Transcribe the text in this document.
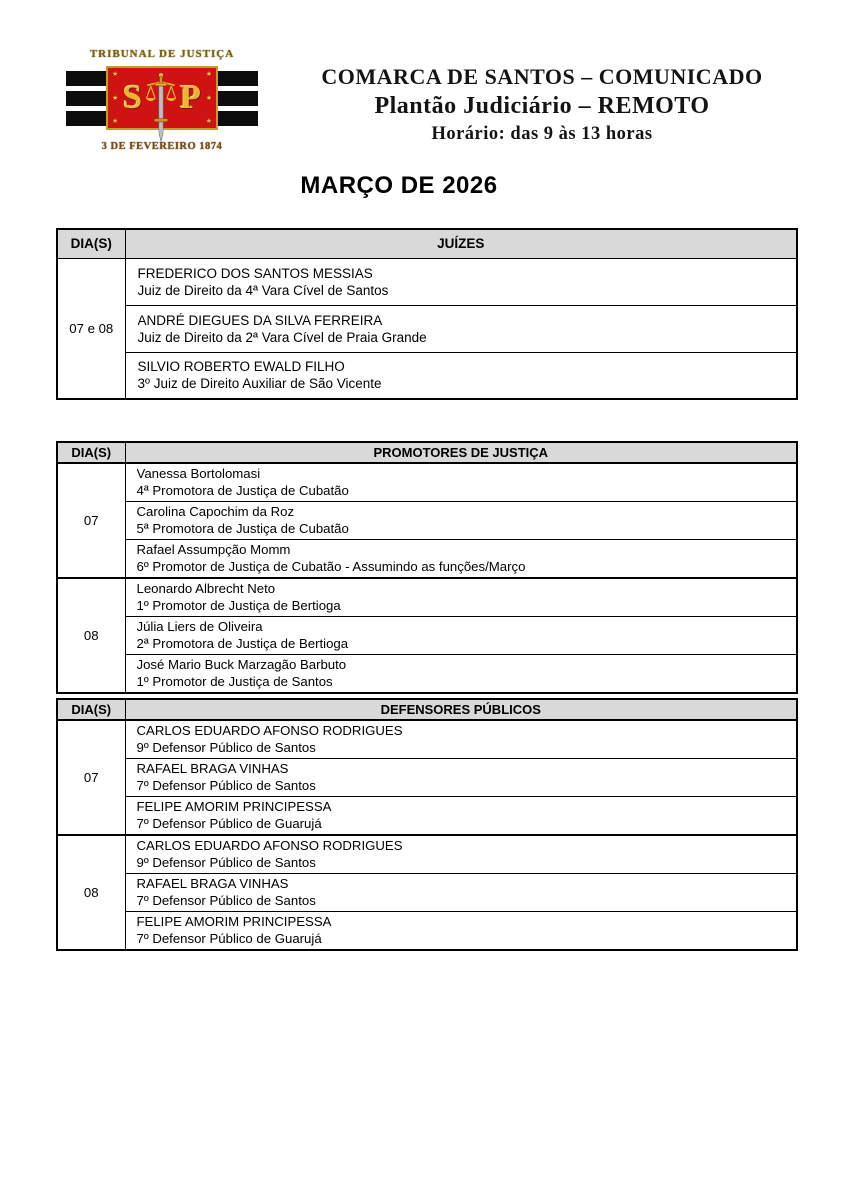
TRIBUNAL DE JUSTIÇA
★	★
★	★
★	★
S P
3 DE FEVEREIRO 1874
COMARCA DE SANTOS – COMUNICADO
Plantão Judiciário – REMOTO
Horário: das 9 às 13 horas
MARÇO DE 2026
DIA(S)	JUÍZES
07 e 08	FREDERICO DOS SANTOS MESSIAS
Juiz de Direito da 4ª Vara Cível de Santos

	ANDRÉ DIEGUES DA SILVA FERREIRA
Juiz de Direito da 2ª Vara Cível de Praia Grande

	SILVIO ROBERTO EWALD FILHO
3º Juiz de Direito Auxiliar de São Vicente
DIA(S)	PROMOTORES DE JUSTIÇA
07	Vanessa Bortolomasi
4ª Promotora de Justiça de Cubatão

	Carolina Capochim da Roz
5ª Promotora de Justiça de Cubatão

	Rafael Assumpção Momm
6º Promotor de Justiça de Cubatão - Assumindo as funções/Março

08	Leonardo Albrecht Neto
1º Promotor de Justiça de Bertioga

	Júlia Liers de Oliveira
2ª Promotora de Justiça de Bertioga

	José Mario Buck Marzagão Barbuto
1º Promotor de Justiça de Santos
DIA(S)	DEFENSORES PÚBLICOS
07	CARLOS EDUARDO AFONSO RODRIGUES
9º Defensor Público de Santos

	RAFAEL BRAGA VINHAS
7º Defensor Público de Santos

	FELIPE AMORIM PRINCIPESSA
7º Defensor Público de Guarujá

08	CARLOS EDUARDO AFONSO RODRIGUES
9º Defensor Público de Santos

	RAFAEL BRAGA VINHAS
7º Defensor Público de Santos

	FELIPE AMORIM PRINCIPESSA
7º Defensor Público de Guarujá
